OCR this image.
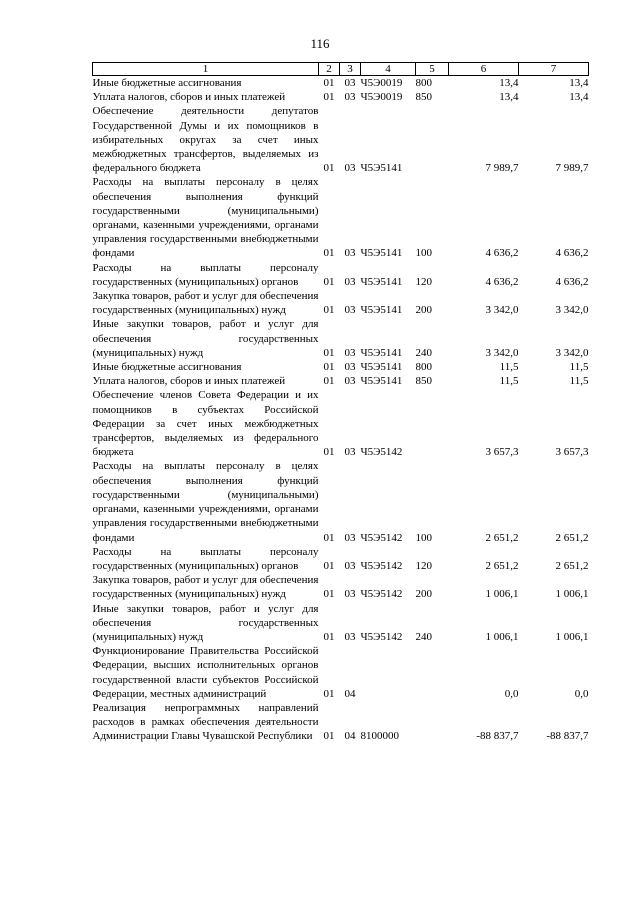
116
1	2	3	4	5	6	7
Иные бюджетные ассигнования	01	03	Ч5Э0019	800	13,4	13,4
Уплата налогов, сборов и иных платежей	01	03	Ч5Э0019	850	13,4	13,4
Обеспечение деятельности депутатов Государственной Думы и их помощников в избирательных округах за счет иных межбюджетных трансфертов, выделяемых из федерального бюджета	01	03	Ч5Э5141		7 989,7	7 989,7
Расходы на выплаты персоналу в целях обеспечения выполнения функций государственными (муниципальными) органами, казенными учреждениями, органами управления государственными внебюджетными фондами	01	03	Ч5Э5141	100	4 636,2	4 636,2
Расходы на выплаты персоналу государственных (муниципальных) органов	01	03	Ч5Э5141	120	4 636,2	4 636,2
Закупка товаров, работ и услуг для обеспечения государственных (муниципальных) нужд	01	03	Ч5Э5141	200	3 342,0	3 342,0
Иные закупки товаров, работ и услуг для обеспечения государственных (муниципальных) нужд	01	03	Ч5Э5141	240	3 342,0	3 342,0
Иные бюджетные ассигнования	01	03	Ч5Э5141	800	11,5	11,5
Уплата налогов, сборов и иных платежей	01	03	Ч5Э5141	850	11,5	11,5
Обеспечение членов Совета Федерации и их помощников в субъектах Российской Федерации за счет иных межбюджетных трансфертов, выделяемых из федерального бюджета	01	03	Ч5Э5142		3 657,3	3 657,3
Расходы на выплаты персоналу в целях обеспечения выполнения функций государственными (муниципальными) органами, казенными учреждениями, органами управления государственными внебюджетными фондами	01	03	Ч5Э5142	100	2 651,2	2 651,2
Расходы на выплаты персоналу государственных (муниципальных) органов	01	03	Ч5Э5142	120	2 651,2	2 651,2
Закупка товаров, работ и услуг для обеспечения государственных (муниципальных) нужд	01	03	Ч5Э5142	200	1 006,1	1 006,1
Иные закупки товаров, работ и услуг для обеспечения государственных (муниципальных) нужд	01	03	Ч5Э5142	240	1 006,1	1 006,1
Функционирование Правительства Российской Федерации, высших исполнительных органов государственной власти субъектов Российской Федерации, местных администраций	01	04			0,0	0,0
Реализация непрограммных направлений расходов в рамках обеспечения деятельности Администрации Главы Чувашской Республики	01	04	8100000		-88 837,7	-88 837,7
